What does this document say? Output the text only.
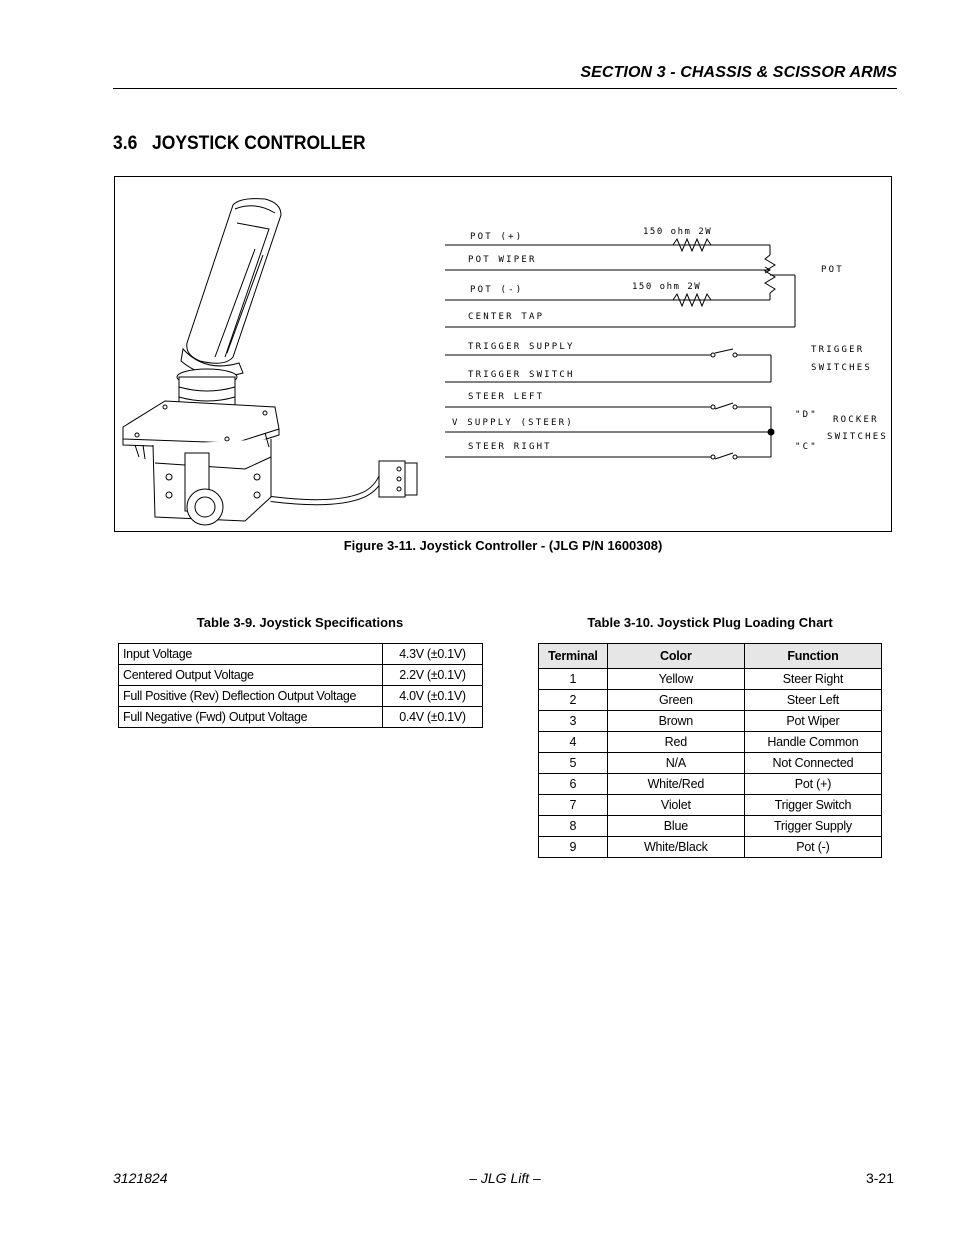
SECTION 3 - CHASSIS & SCISSOR ARMS
3.6 JOYSTICK CONTROLLER
POT (+)
POT WIPER
POT (-)
CENTER TAP
TRIGGER SUPPLY
TRIGGER SWITCH
STEER LEFT
V SUPPLY (STEER)
STEER RIGHT
150 ohm 2W
150 ohm 2W
POT
TRIGGER
SWITCHES
"D"
"C"
ROCKER
SWITCHES
Figure 3-11. Joystick Controller - (JLG P/N 1600308)
Table 3-9. Joystick Specifications
Input Voltage	4.3V (±0.1V)
Centered Output Voltage	2.2V (±0.1V)
Full Positive (Rev) Deflection Output Voltage	4.0V (±0.1V)
Full Negative (Fwd) Output Voltage	0.4V (±0.1V)
Table 3-10. Joystick Plug Loading Chart
Terminal	Color	Function
1	Yellow	Steer Right
2	Green	Steer Left
3	Brown	Pot Wiper
4	Red	Handle Common
5	N/A	Not Connected
6	White/Red	Pot (+)
7	Violet	Trigger Switch
8	Blue	Trigger Supply
9	White/Black	Pot (-)
3121824	– JLG Lift –	3-21
